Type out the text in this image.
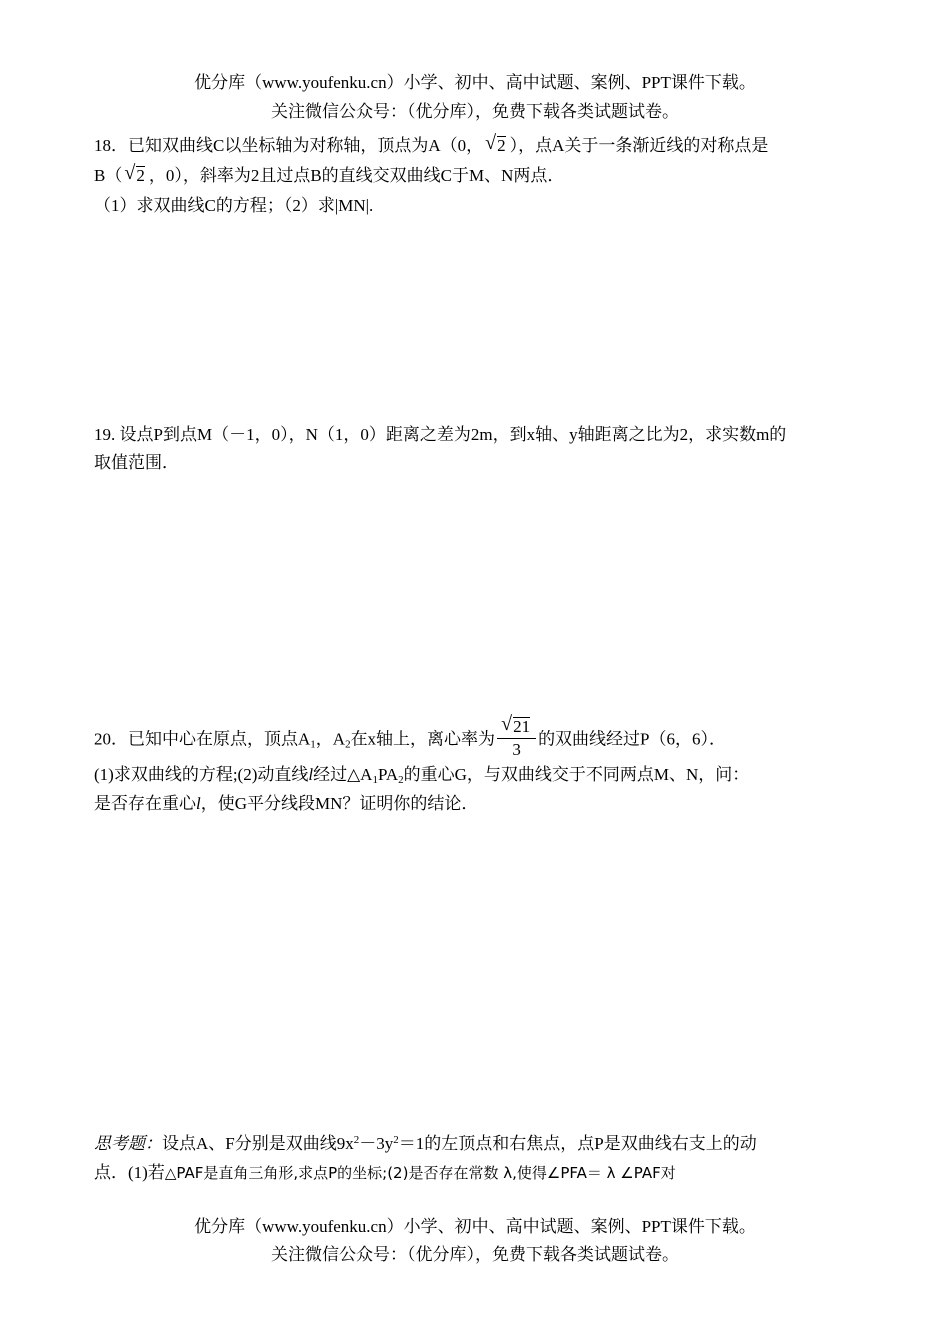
优分库（www.youfenku.cn）小学、初中、高中试题、案例、PPT课件下载。
关注微信公众号：（优分库），免费下载各类试题试卷。
18．已知双曲线C以坐标轴为对称轴，顶点为A（0， √ 2 ），点A关于一条渐近线的对称点是
B（ √ 2 ，0），斜率为2且过点B的直线交双曲线C于M、N两点．
（1）求双曲线C的方程；（2）求|MN|.
19. 设点P到点M（－1，0），N（1，0）距离之差为2m，到x轴、y轴距离之比为2，求实数m的
取值范围．
20．已知中心在原点，顶点$A_1$，$A_2$在x轴上，离心率为 $\frac{√ 21}{3}$ 的双曲线经过P（6，6）．
(1)求双曲线的方程;(2)动直线l经过$\triangle A_1PA_2$的重心G，与双曲线交于不同两点M、N，问：
是否存在重心l，使G平分线段MN？证明你的结论．
思考题：设点A、F分别是双曲线$9x^2-3y^2=1$的左顶点和右焦点，点P是双曲线右支上的动
点．(1)若△PAF是直角三角形,求点P的坐标;(2)是否存在常数 λ,使得∠PFA＝ λ ∠PAF对
优分库（www.youfenku.cn）小学、初中、高中试题、案例、PPT课件下载。
关注微信公众号：（优分库），免费下载各类试题试卷。
